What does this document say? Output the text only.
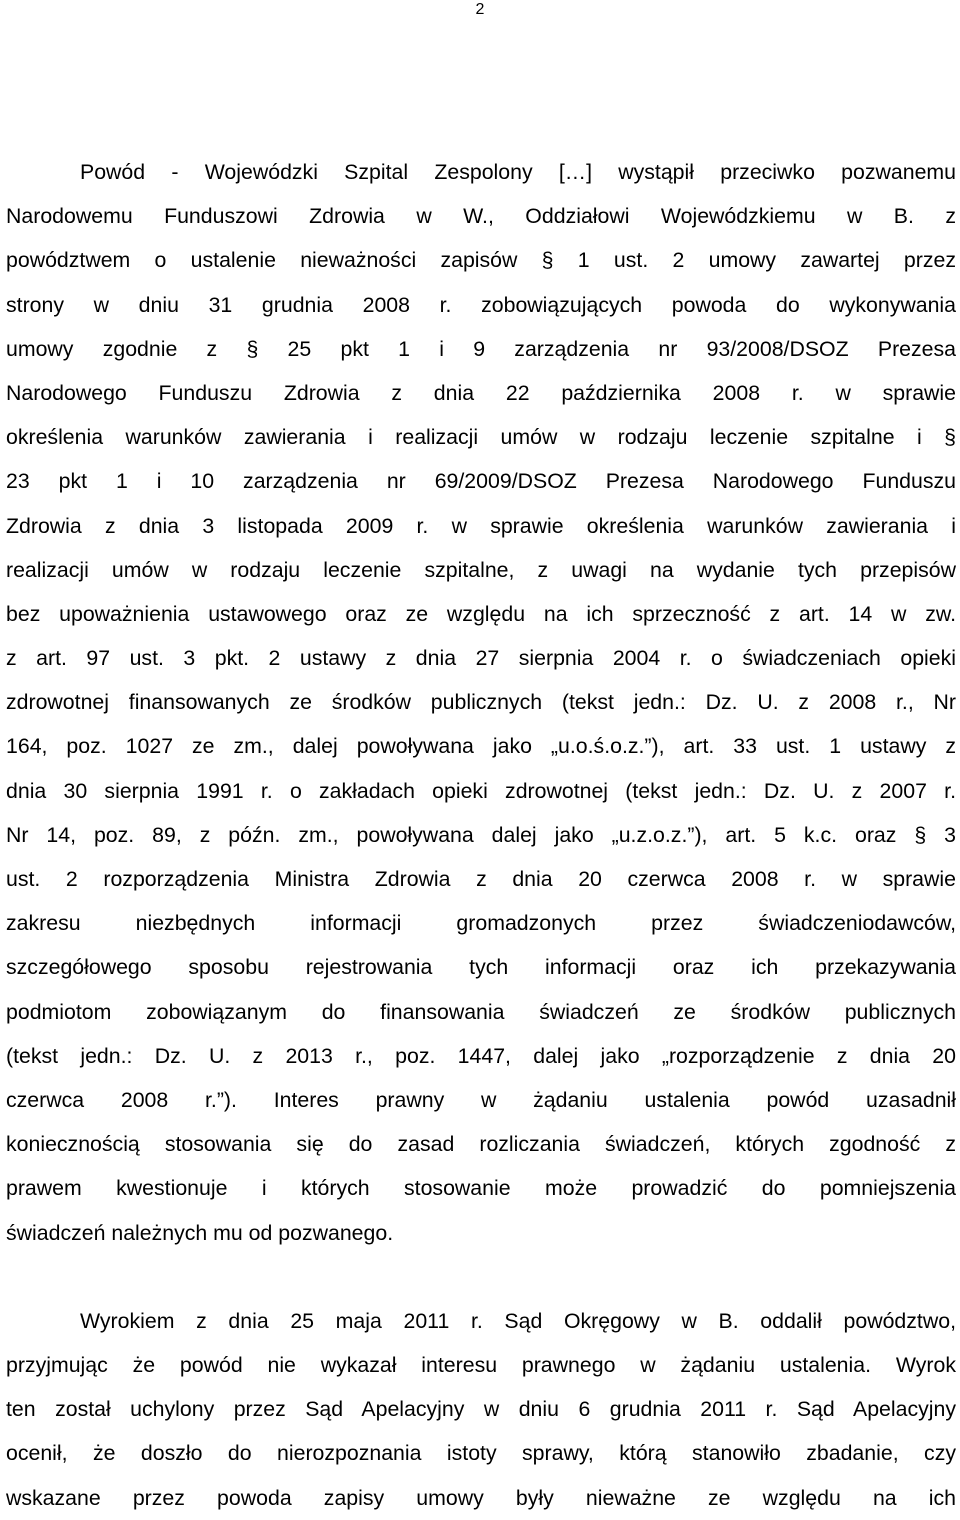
2
Powód - Wojewódzki Szpital Zespolony […] wystąpił przeciwko pozwanemu
Narodowemu Funduszowi Zdrowia w W., Oddziałowi Wojewódzkiemu w B. z
powództwem o ustalenie nieważności zapisów § 1 ust. 2 umowy zawartej przez
strony w dniu 31 grudnia 2008 r. zobowiązujących powoda do wykonywania
umowy zgodnie z § 25 pkt 1 i 9 zarządzenia nr 93/2008/DSOZ Prezesa
Narodowego Funduszu Zdrowia z dnia 22 października 2008 r. w sprawie
określenia warunków zawierania i realizacji umów w rodzaju leczenie szpitalne i §
23 pkt 1 i 10 zarządzenia nr 69/2009/DSOZ Prezesa Narodowego Funduszu
Zdrowia z dnia 3 listopada 2009 r. w sprawie określenia warunków zawierania i
realizacji umów w rodzaju leczenie szpitalne, z uwagi na wydanie tych przepisów
bez upoważnienia ustawowego oraz ze względu na ich sprzeczność z art. 14 w zw.
z art. 97 ust. 3 pkt. 2 ustawy z dnia 27 sierpnia 2004 r. o świadczeniach opieki
zdrowotnej finansowanych ze środków publicznych (tekst jedn.: Dz. U. z 2008 r., Nr
164, poz. 1027 ze zm., dalej powoływana jako „u.o.ś.o.z.”), art. 33 ust. 1 ustawy z
dnia 30 sierpnia 1991 r. o zakładach opieki zdrowotnej (tekst jedn.: Dz. U. z 2007 r.
Nr 14, poz. 89, z późn. zm., powoływana dalej jako „u.z.o.z.”), art. 5 k.c. oraz § 3
ust. 2 rozporządzenia Ministra Zdrowia z dnia 20 czerwca 2008 r. w sprawie
zakresu niezbędnych informacji gromadzonych przez świadczeniodawców,
szczegółowego sposobu rejestrowania tych informacji oraz ich przekazywania
podmiotom zobowiązanym do finansowania świadczeń ze środków publicznych
(tekst jedn.: Dz. U. z 2013 r., poz. 1447, dalej jako „rozporządzenie z dnia 20
czerwca 2008 r.”). Interes prawny w żądaniu ustalenia powód uzasadnił
koniecznością stosowania się do zasad rozliczania świadczeń, których zgodność z
prawem kwestionuje i których stosowanie może prowadzić do pomniejszenia
świadczeń należnych mu od pozwanego.
Wyrokiem z dnia 25 maja 2011 r. Sąd Okręgowy w B. oddalił powództwo,
przyjmując że powód nie wykazał interesu prawnego w żądaniu ustalenia. Wyrok
ten został uchylony przez Sąd Apelacyjny w dniu 6 grudnia 2011 r. Sąd Apelacyjny
ocenił, że doszło do nierozpoznania istoty sprawy, którą stanowiło zbadanie, czy
wskazane przez powoda zapisy umowy były nieważne ze względu na ich
